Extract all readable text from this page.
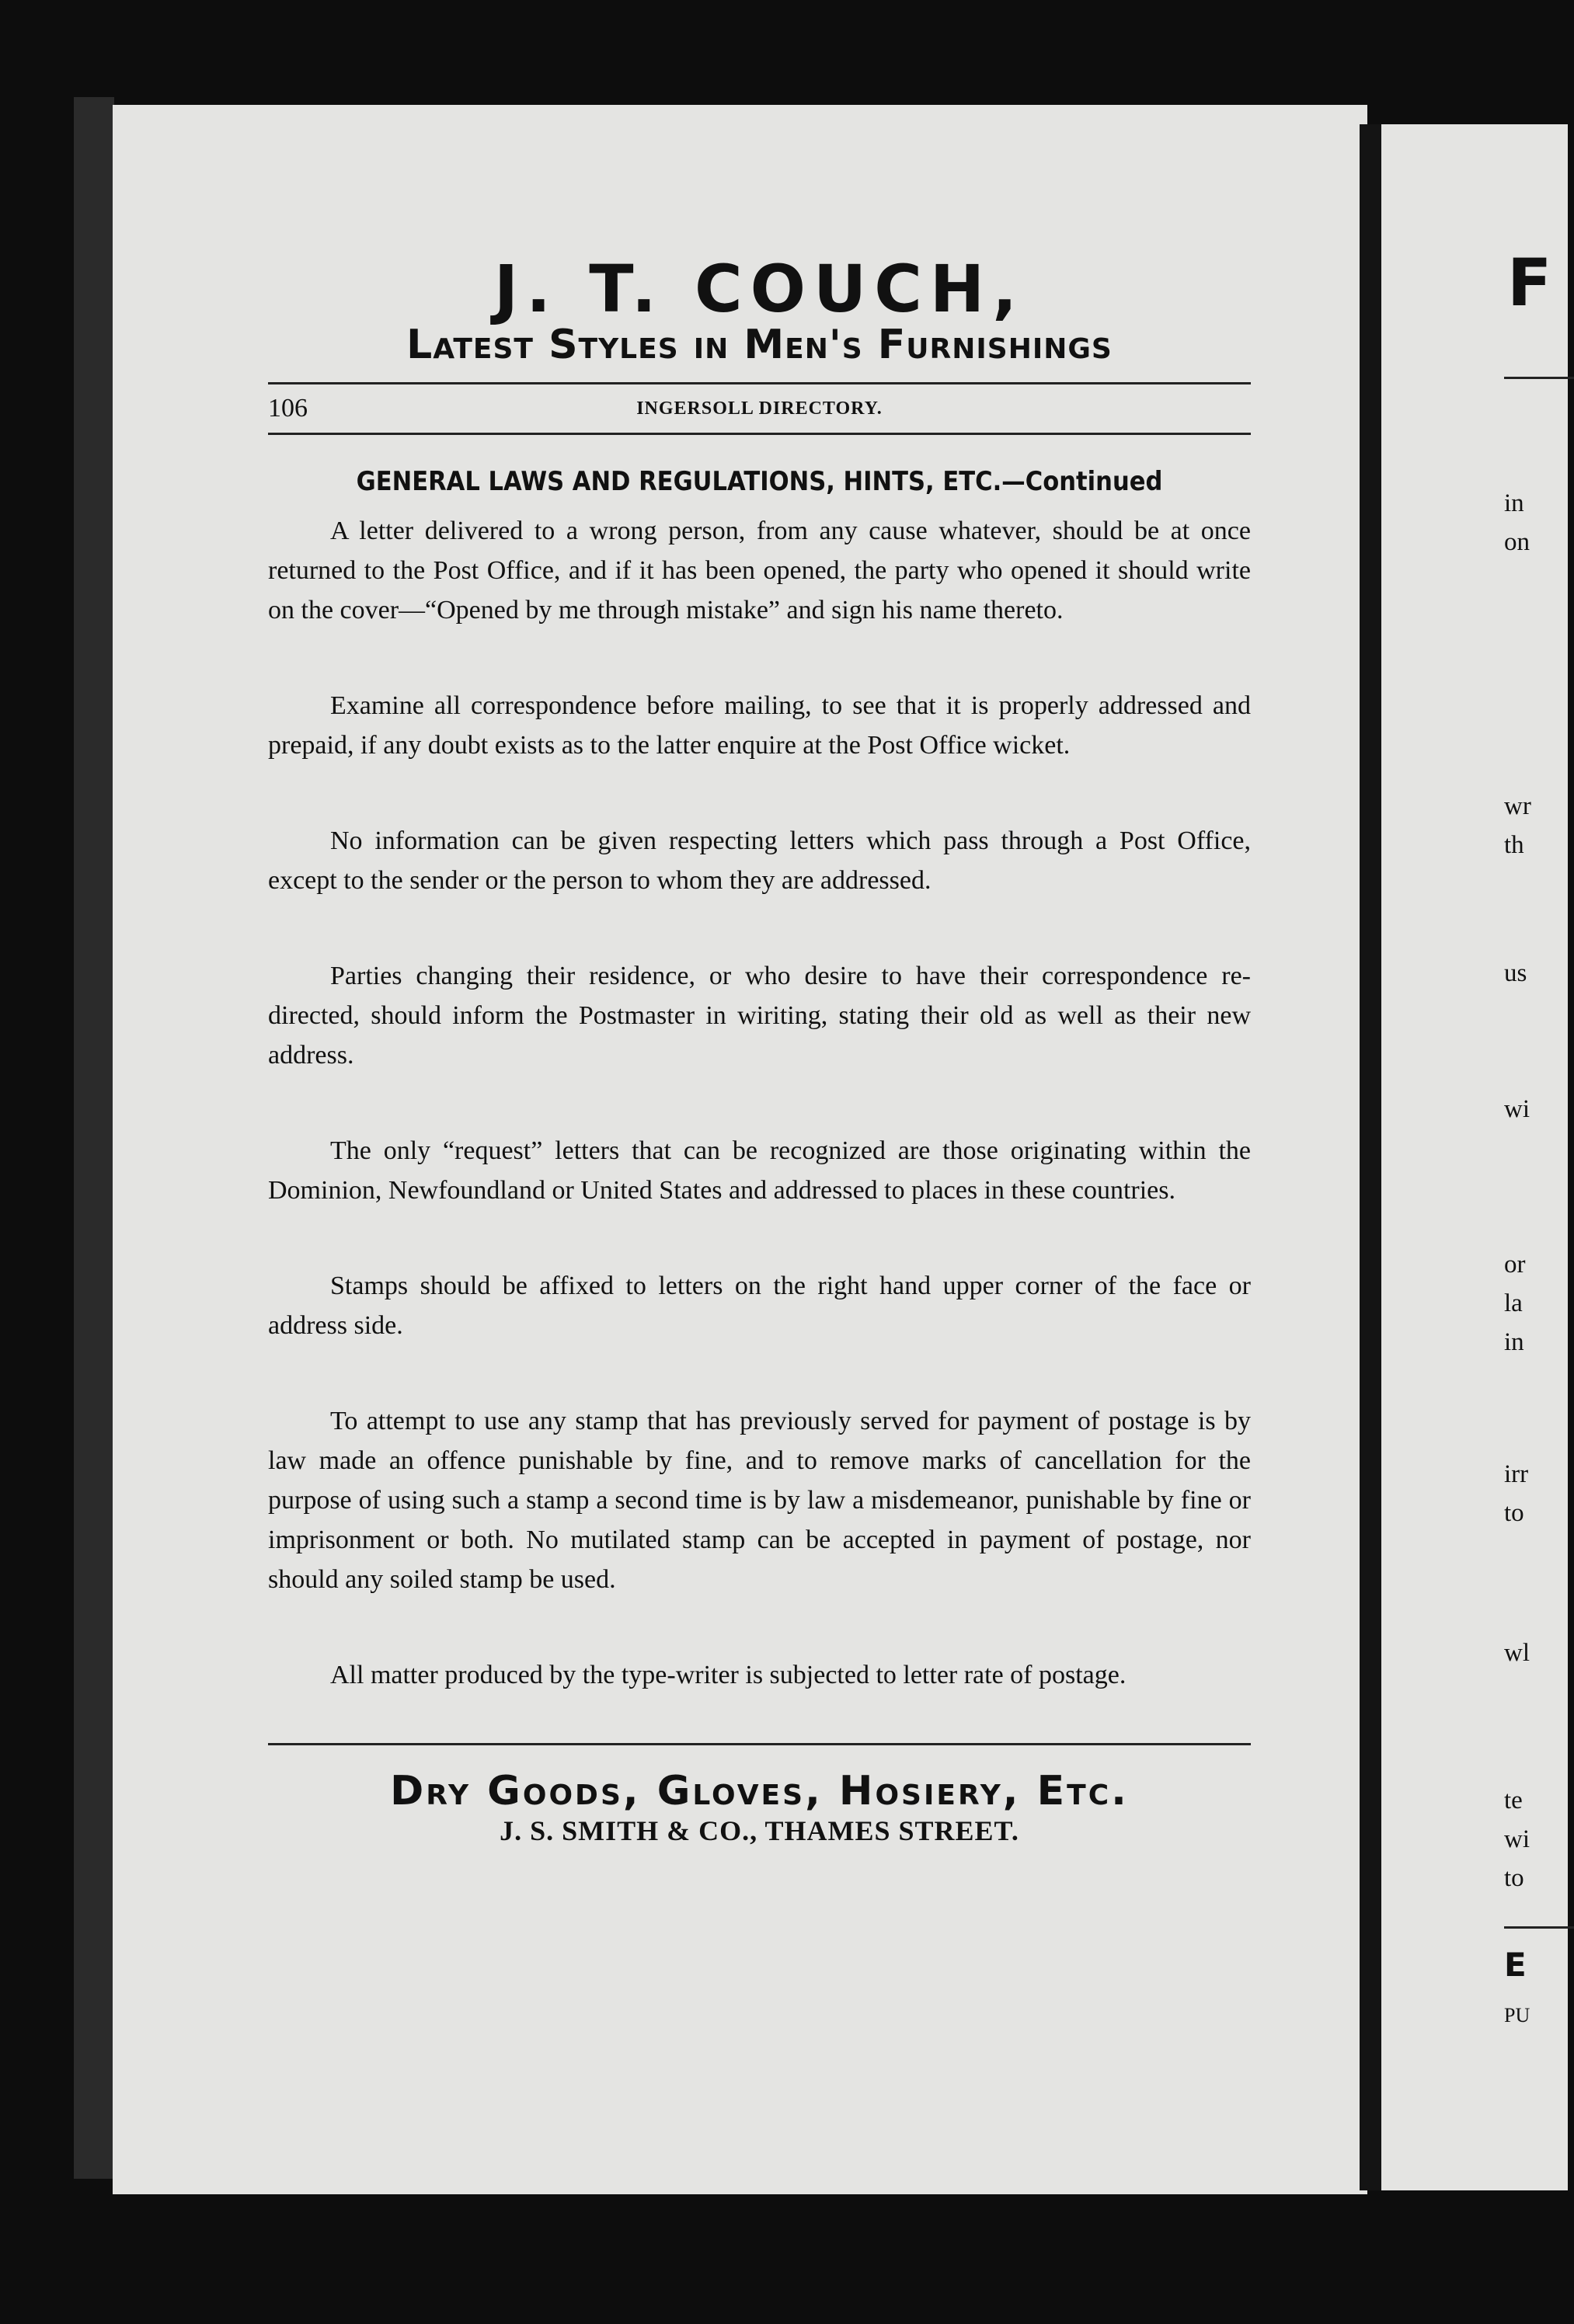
F
in
on
wr
th
us
wi
or
la
in
irr
to
wl
te
wi
to
E
PU
J. T. COUCH,
Latest Styles in Men's Furnishings
106	INGERSOLL DIRECTORY.
GENERAL LAWS AND REGULATIONS, HINTS, ETC.—Continued

A letter delivered to a wrong person, from any cause whatever, should be at once returned to the Post Office, and if it has been opened, the party who opened it should write on the cover—“Opened by me through mistake” and sign his name thereto.

Examine all correspondence before mailing, to see that it is properly addressed and prepaid, if any doubt exists as to the latter enquire at the Post Office wicket.

No information can be given respecting letters which pass through a Post Office, except to the sender or the person to whom they are addressed.

Parties changing their residence, or who desire to have their correspondence re-directed, should inform the Postmaster in wiriting, stating their old as well as their new address.

The only “request” letters that can be recognized are those originating within the Dominion, Newfoundland or United States and addressed to places in these countries.

Stamps should be affixed to letters on the right hand upper corner of the face or address side.

To attempt to use any stamp that has previously served for payment of postage is by law made an offence punishable by fine, and to remove marks of cancellation for the purpose of using such a stamp a second time is by law a misdemeanor, punishable by fine or imprisonment or both. No mutilated stamp can be accepted in payment of postage, nor should any soiled stamp be used.

All matter produced by the type-writer is subjected to letter rate of postage.

Dry Goods, Gloves, Hosiery, Etc.
J. S. SMITH & CO., THAMES STREET.
